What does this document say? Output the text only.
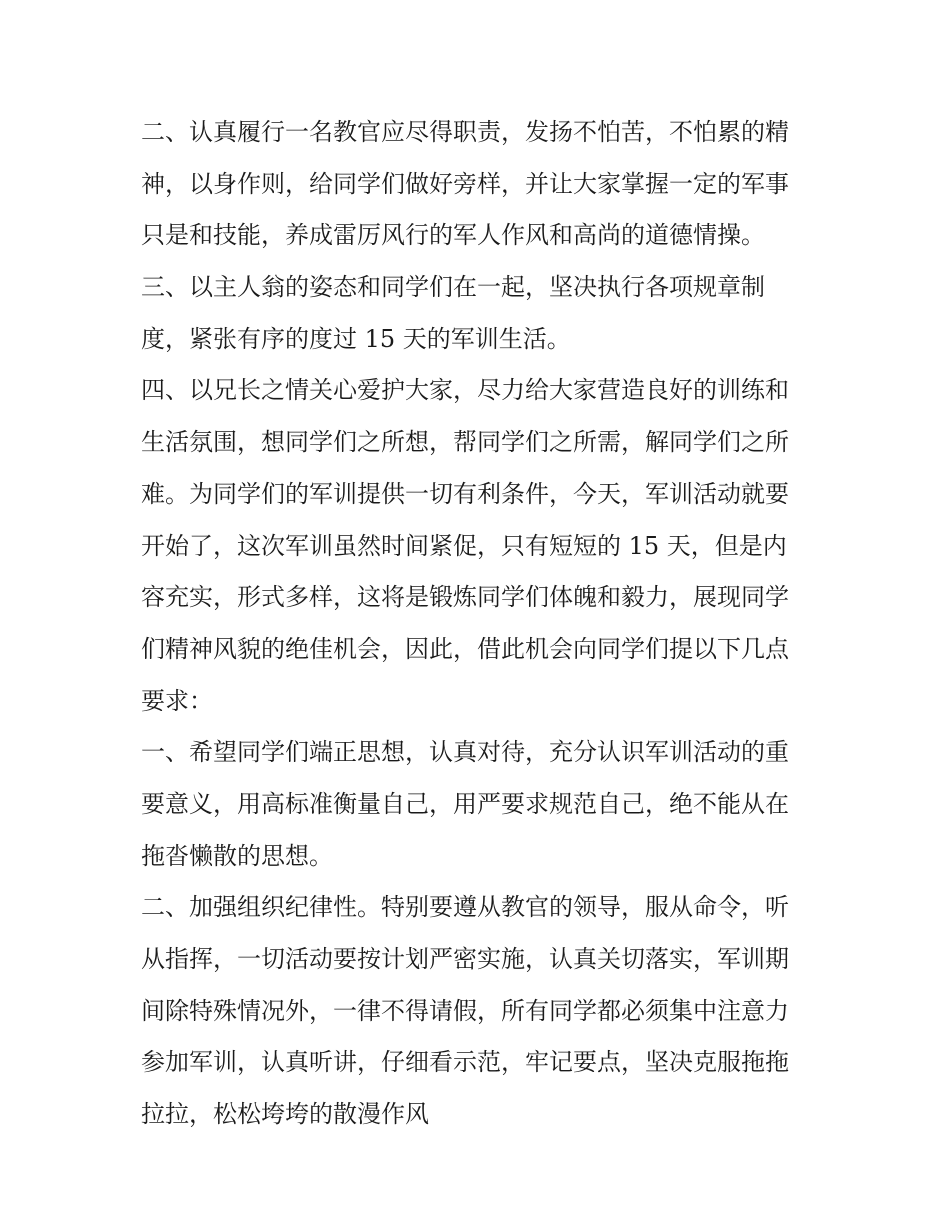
二、认真履行一名教官应尽得职责，发扬不怕苦，不怕累的精
神，以身作则，给同学们做好旁样，并让大家掌握一定的军事
只是和技能，养成雷厉风行的军人作风和高尚的道德情操。
三、以主人翁的姿态和同学们在一起，坚决执行各项规章制
度，紧张有序的度过 15 天的军训生活。
四、以兄长之情关心爱护大家，尽力给大家营造良好的训练和
生活氛围，想同学们之所想，帮同学们之所需，解同学们之所
难。为同学们的军训提供一切有利条件，今天，军训活动就要
开始了，这次军训虽然时间紧促，只有短短的 15 天，但是内
容充实，形式多样，这将是锻炼同学们体魄和毅力，展现同学
们精神风貌的绝佳机会，因此，借此机会向同学们提以下几点
要求：
一、希望同学们端正思想，认真对待，充分认识军训活动的重
要意义，用高标准衡量自己，用严要求规范自己，绝不能从在
拖沓懒散的思想。
二、加强组织纪律性。特别要遵从教官的领导，服从命令，听
从指挥，一切活动要按计划严密实施，认真关切落实，军训期
间除特殊情况外，一律不得请假，所有同学都必须集中注意力
参加军训，认真听讲，仔细看示范，牢记要点，坚决克服拖拖
拉拉，松松垮垮的散漫作风
